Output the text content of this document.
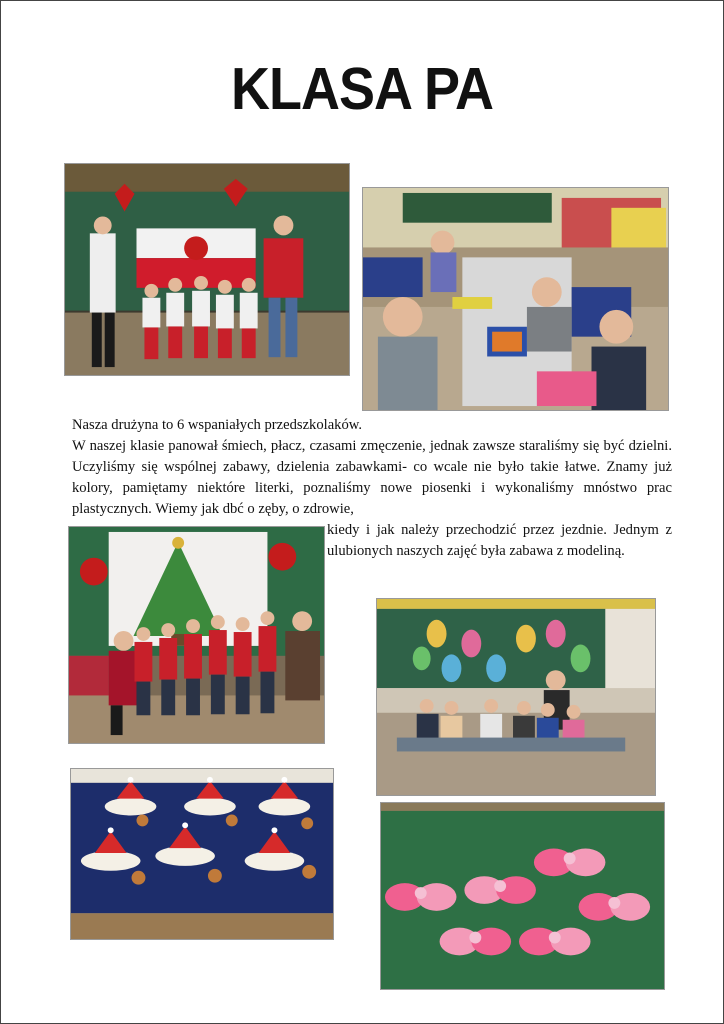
KLASA PA

Nasza drużyna to 6 wspaniałych przedszkolaków.

W naszej klasie panował śmiech, płacz, czasami zmęczenie, jednak zawsze staraliśmy się być dzielni. Uczyliśmy się wspólnej zabawy, dzielenia zabawkami- co wcale nie było takie łatwe. Znamy już kolory, pamiętamy niektóre literki, poznaliśmy nowe piosenki i wykonaliśmy mnóstwo prac plastycznych. Wiemy jak dbć o zęby, o zdrowie,

kiedy i jak należy przechodzić przez jezdnie. Jednym z ulubionych naszych zajęć była zabawa z modeliną.
